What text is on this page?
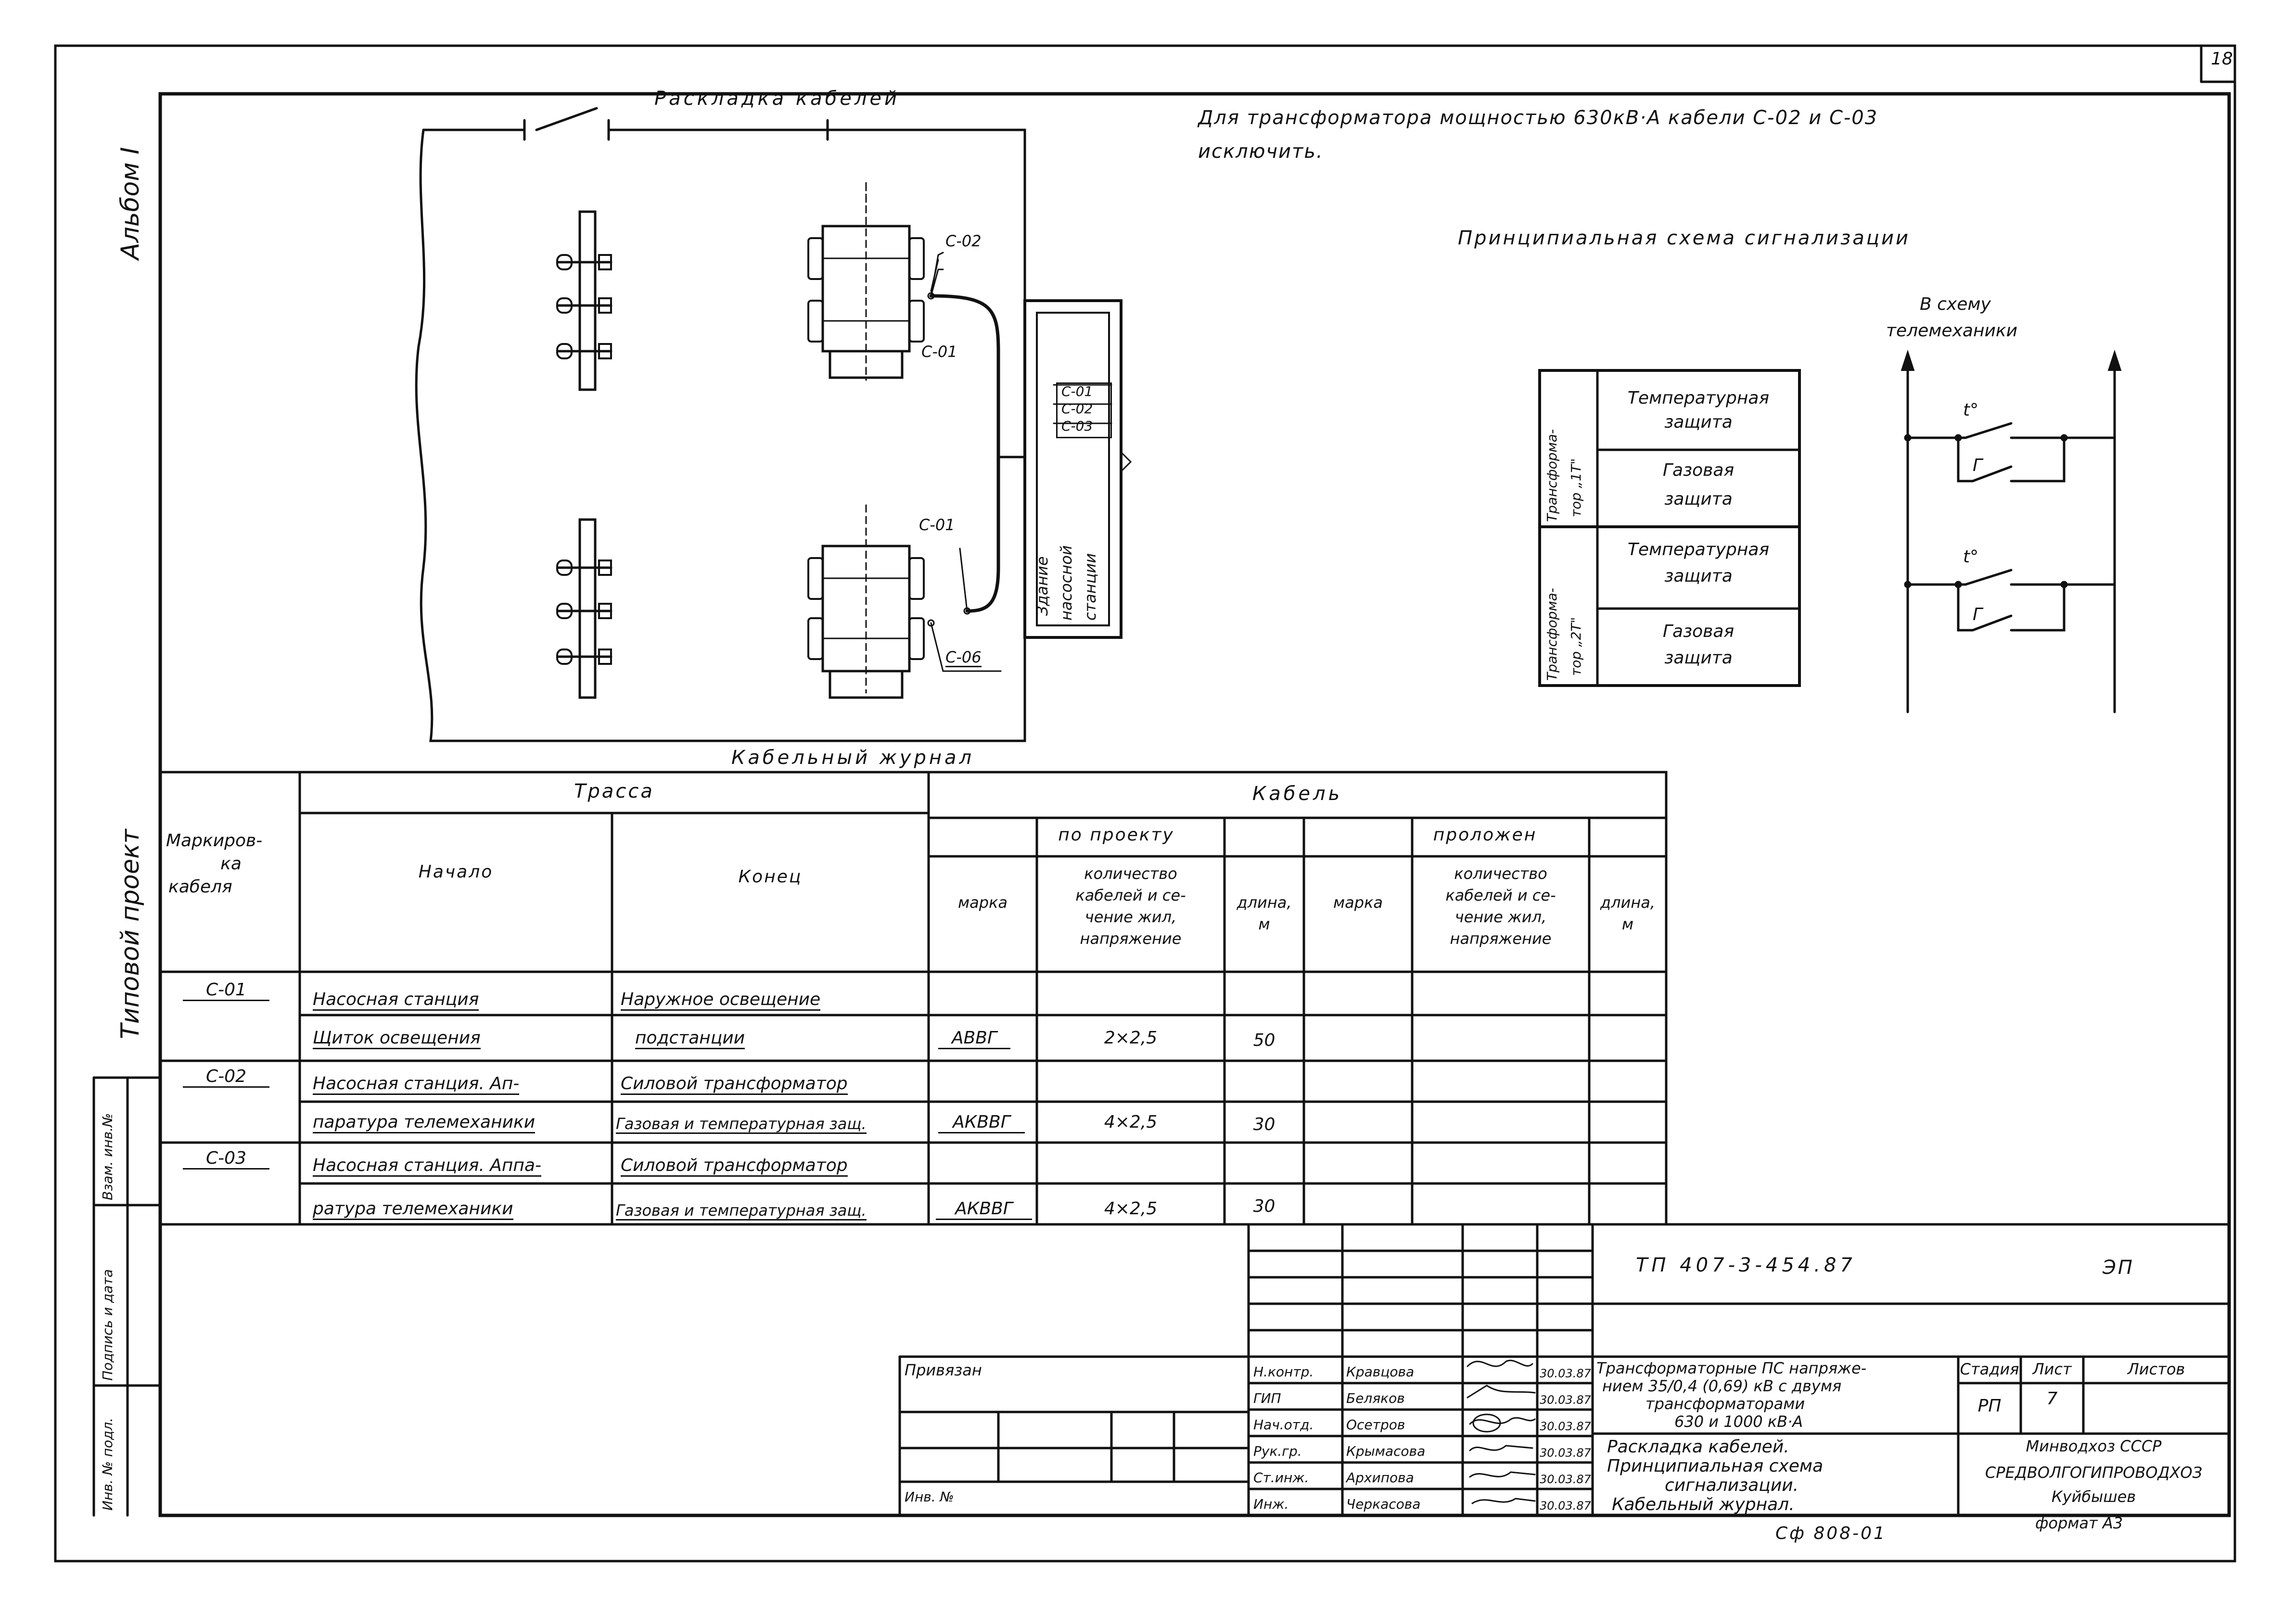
18
Альбом I
Типовой проект
Инв. № подл.
Подпись и дата
Взам. инв.№
Раскладка кабелей
Для трансформатора мощностью 630кВ·А кабели С-02 и С-03
исключить.
С-02
С-01
С-01
С-06
С-01
С-02
С-03
Здание насосной станции
Принципиальная схема сигнализации
В схему
телемеханики
Трансформа- тор „1Т"
Трансформа- тор „2Т"
Температурная
защита
Газовая
защита
Температурная
защита
Газовая
защита
t°
Г
t°
Г
Кабельный журнал
Маркиров-
ка
кабеля
Трасса
Начало	Конец
Кабель
по проекту	проложен
марка
количество
кабелей и се-
чение жил,
напряжение
длина,
м
марка
количество
кабелей и се-
чение жил,
напряжение
длина,
м
С-01	Насосная станция	Наружное освещение
Щиток освещения	подстанции	АВВГ	2×2,5	50
С-02	Насосная станция. Ап-	Силовой трансформатор
паратура телемеханики	Газовая и температурная защ.	АКВВГ	4×2,5	30
С-03	Насосная станция. Аппа-	Силовой трансформатор
ратура телемеханики	Газовая и температурная защ.	АКВВГ	4×2,5	30
ТП 407-3-454.87	ЭП
Привязан
Инв. №
Н.контр.
ГИП
Нач.отд.
Рук.гр.
Ст.инж.
Инж.
Кравцова
Беляков
Осетров
Крымасова
Архипова
Черкасова
30.03.87
30.03.87
30.03.87
30.03.87
30.03.87
30.03.87
Трансформаторные ПС напряже-
нием 35/0,4 (0,69) кВ с двумя
трансформаторами
630 и 1000 кВ·А
Раскладка кабелей.
Принципиальная схема
сигнализации.
Кабельный журнал.
Стадия Лист	Листов
РП	7
Минводхоз СССР
СРЕДВОЛГОГИПРОВОДХОЗ
Куйбышев
Сф 808-01
формат А3
